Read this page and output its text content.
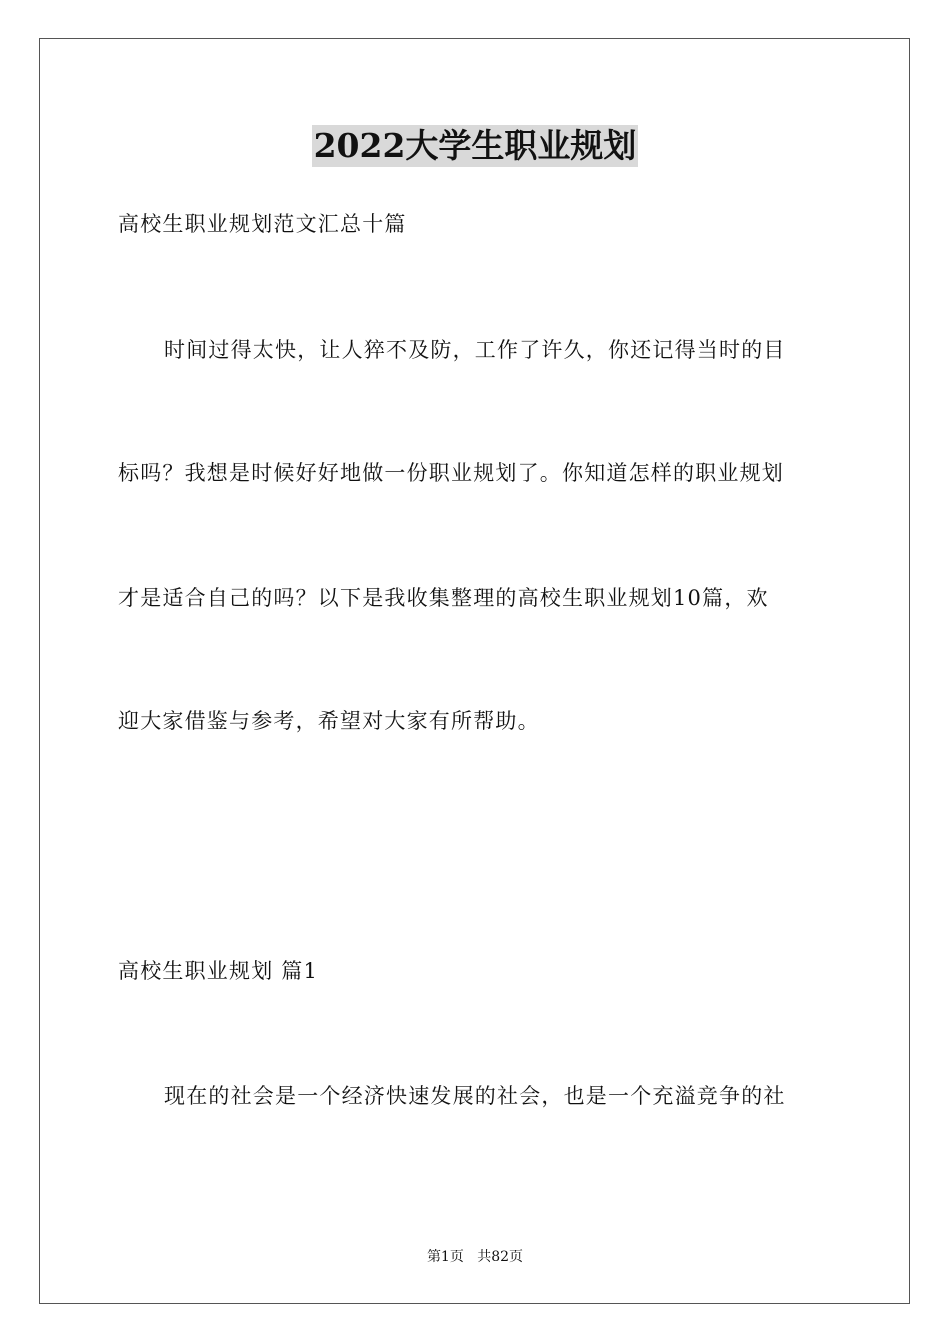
2022大学生职业规划
高校生职业规划范文汇总十篇
时间过得太快，让人猝不及防，工作了许久，你还记得当时的目
标吗？我想是时候好好地做一份职业规划了。你知道怎样的职业规划
才是适合自己的吗？以下是我收集整理的高校生职业规划10篇，欢
迎大家借鉴与参考，希望对大家有所帮助。
高校生职业规划 篇1
现在的社会是一个经济快速发展的社会，也是一个充溢竞争的社
第1页 共82页
